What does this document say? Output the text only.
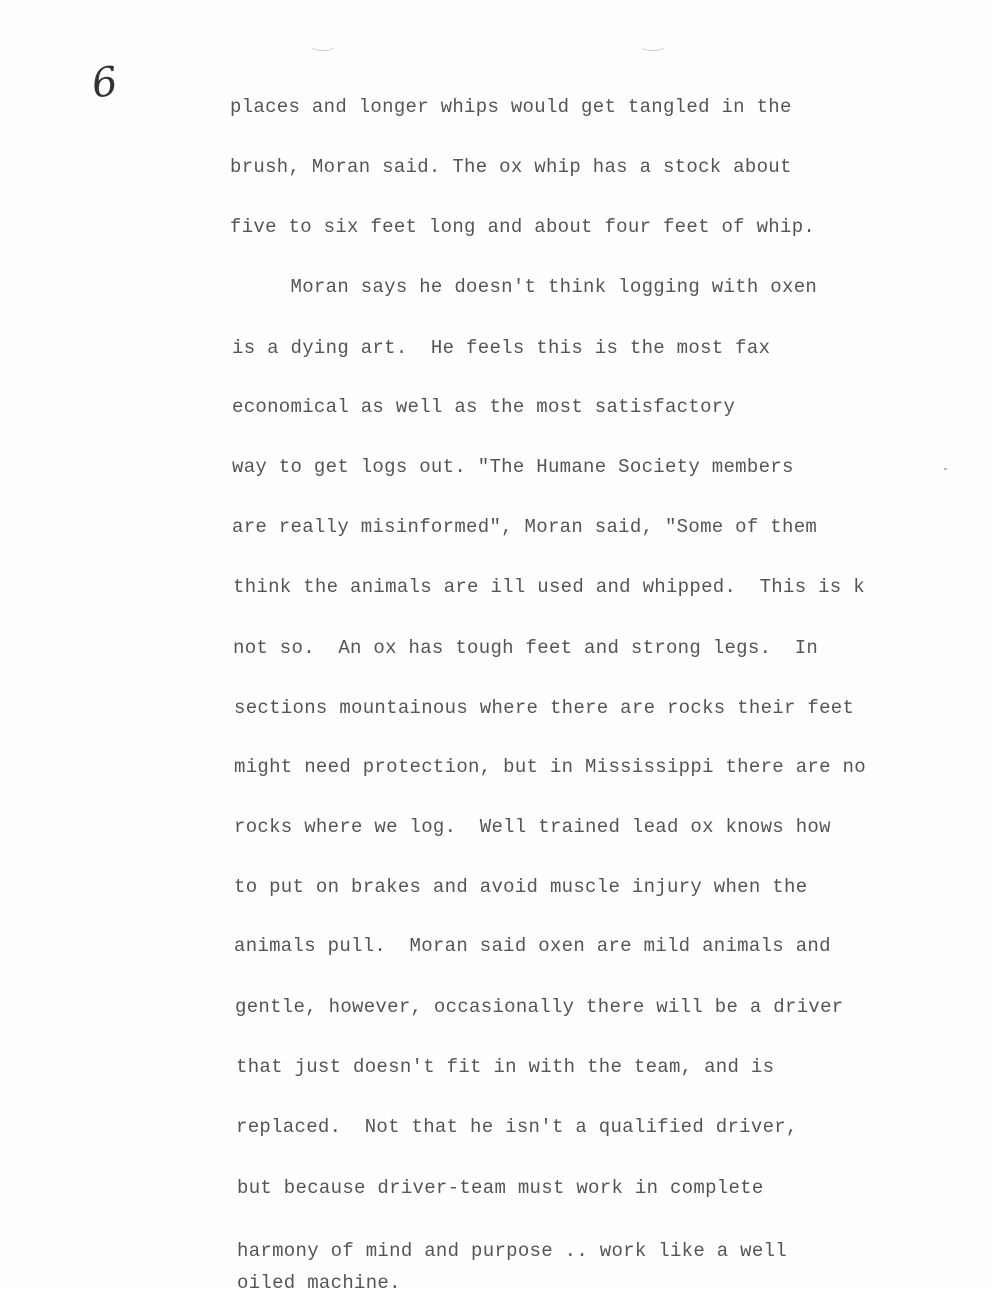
6	places and longer whips would get tangled in the
brush, Moran said. The ox whip has a stock about
five to six feet long and about four feet of whip.
Moran says he doesn't think logging with oxen
is a dying art.  He feels this is the most fax
economical as well as the most satisfactory
way to get logs out. "The Humane Society members
are really misinformed", Moran said, "Some of them
think the animals are ill used and whipped.  This is k
not so.  An ox has tough feet and strong legs.  In
sections mountainous where there are rocks their feet
might need protection, but in Mississippi there are no
rocks where we log.  Well trained lead ox knows how
to put on brakes and avoid muscle injury when the
animals pull.  Moran said oxen are mild animals and
gentle, however, occasionally there will be a driver
that just doesn't fit in with the team, and is
replaced.  Not that he isn't a qualified driver,
but because driver-team must work in complete
harmony of mind and purpose .. work like a well
oiled machine.
